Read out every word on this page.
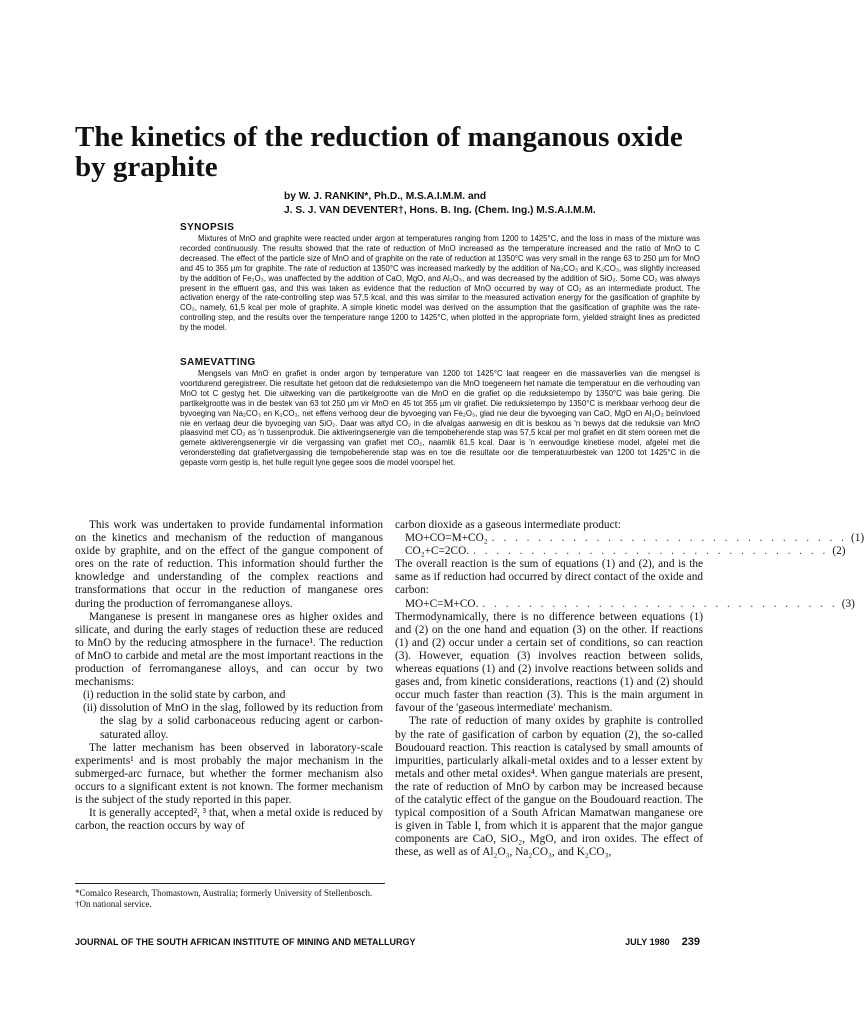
The kinetics of the reduction of manganous oxide by graphite
by W. J. RANKIN*, Ph.D., M.S.A.I.M.M. and
J. S. J. VAN DEVENTER†, Hons. B. Ing. (Chem. Ing.) M.S.A.I.M.M.
SYNOPSIS

Mixtures of MnO and graphite were reacted under argon at temperatures ranging from 1200 to 1425°C, and the loss in mass of the mixture was recorded continuously. The results showed that the rate of reduction of MnO increased as the temperature increased and the ratio of MnO to C decreased. The effect of the particle size of MnO and of graphite on the rate of reduction at 1350°C was very small in the range 63 to 250 µm for MnO and 45 to 355 µm for graphite. The rate of reduction at 1350°C was increased markedly by the addition of Na₂CO₃ and K₂CO₃, was slightly increased by the addition of Fe₂O₃, was unaffected by the addition of CaO, MgO, and Al₂O₃, and was decreased by the addition of SiO₂. Some CO₂ was always present in the effluent gas, and this was taken as evidence that the reduction of MnO occurred by way of CO₂ as an intermediate product. The activation energy of the rate-controlling step was 57,5 kcal, and this was similar to the measured activation energy for the gasification of graphite by CO₂, namely, 61,5 kcal per mole of graphite. A simple kinetic model was derived on the assumption that the gasification of graphite was the rate-controlling step, and the results over the temperature range 1200 to 1425°C, when plotted in the appropriate form, yielded straight lines as predicted by the model.

SAMEVATTING

Mengsels van MnO en grafiet is onder argon by temperature van 1200 tot 1425°C laat reageer en die massaverlies van die mengsel is voortdurend geregistreer. Die resultate het getoon dat die reduksietempo van die MnO toegeneem het namate die temperatuur en die verhouding van MnO tot C gestyg het. Die uitwerking van die partikelgrootte van die MnO en die grafiet op die reduksietempo by 1350°C was baie gering. Die partikelgrootte was in die bestek van 63 tot 250 µm vir MnO en 45 tot 355 µm vir grafiet. Die reduksietempo by 1350°C is merkbaar verhoog deur die byvoeging van Na₂CO₃ en K₂CO₃, net effens verhoog deur die byvoeging van Fe₂O₃, glad nie deur die byvoeging van CaO, MgO en Al₂O₃ beïnvloed nie en verlaag deur die byvoeging van SiO₂. Daar was altyd CO₂ in die afvalgas aanwesig en dit is beskou as 'n bewys dat die reduksie van MnO plaasvind met CO₂ as 'n tussenproduk. Die aktiveringsenergie van die tempobeherende stap was 57,5 kcal per mol grafiet en dit stem ooreen met die gemete aktiverengsenergie vir die vergassing van grafiet met CO₂, naamlik 61,5 kcal. Daar is 'n eenvoudige kinetiese model, afgelei met die veronderstelling dat grafietvergassing die tempobeherende stap was en toe die resultate oor die temperatuurbestek van 1200 tot 1425°C in die gepaste vorm gestip is, het hulle reguit lyne gegee soos die model voorspel het.

This work was undertaken to provide fundamental information on the kinetics and mechanism of the reduction of manganous oxide by graphite, and on the effect of the gangue component of ores on the rate of reduction. This information should further the knowledge and understanding of the complex reactions and transformations that occur in the reduction of manganese ores during the production of ferromanganese alloys.

Manganese is present in manganese ores as higher oxides and silicate, and during the early stages of reduction these are reduced to MnO by the reducing atmosphere in the furnace¹. The reduction of MnO to carbide and metal are the most important reactions in the production of ferromanganese alloys, and can occur by two mechanisms:

(i) reduction in the solid state by carbon, and

(ii) dissolution of MnO in the slag, followed by its reduction from the slag by a solid carbonaceous reducing agent or carbon-saturated alloy.

The latter mechanism has been observed in laboratory-scale experiments¹ and is most probably the major mechanism in the submerged-arc furnace, but whether the former mechanism also occurs to a significant extent is not known. The former mechanism is the subject of the study reported in this paper.

It is generally accepted², ³ that, when a metal oxide is reduced by carbon, the reaction occurs by way of

carbon dioxide as a gaseous intermediate product:

MO+CO=M+CO₂ . . . . . . . . . . . . . . . . . . . . . . . . . . . . . . . (1)
CO₂+C=2CO. . . . . . . . . . . . . . . . . . . . . . . . . . . . . . . . (2)

The overall reaction is the sum of equations (1) and (2), and is the same as if reduction had occurred by direct contact of the oxide and carbon:

MO+C=M+CO. . . . . . . . . . . . . . . . . . . . . . . . . . . . . . . . (3)

Thermodynamically, there is no difference between equations (1) and (2) on the one hand and equation (3) on the other. If reactions (1) and (2) occur under a certain set of conditions, so can reaction (3). However, equation (3) involves reaction between solids, whereas equations (1) and (2) involve reactions between solids and gases and, from kinetic considerations, reactions (1) and (2) should occur much faster than reaction (3). This is the main argument in favour of the 'gaseous intermediate' mechanism.

The rate of reduction of many oxides by graphite is controlled by the rate of gasification of carbon by equation (2), the so-called Boudouard reaction. This reaction is catalysed by small amounts of impurities, particularly alkali-metal oxides and to a lesser extent by metals and other metal oxides⁴. When gangue materials are present, the rate of reduction of MnO by carbon may be increased because of the catalytic effect of the gangue on the Boudouard reaction. The typical composition of a South African Mamatwan manganese ore is given in Table I, from which it is apparent that the major gangue components are CaO, SiO₂, MgO, and iron oxides. The effect of these, as well as of Al₂O₃, Na₂CO₃, and K₂CO₃,

*Comalco Research, Thomastown, Australia; formerly University of Stellenbosch.

†On national service.

JOURNAL OF THE SOUTH AFRICAN INSTITUTE OF MINING AND METALLURGY	JULY 1980 239
